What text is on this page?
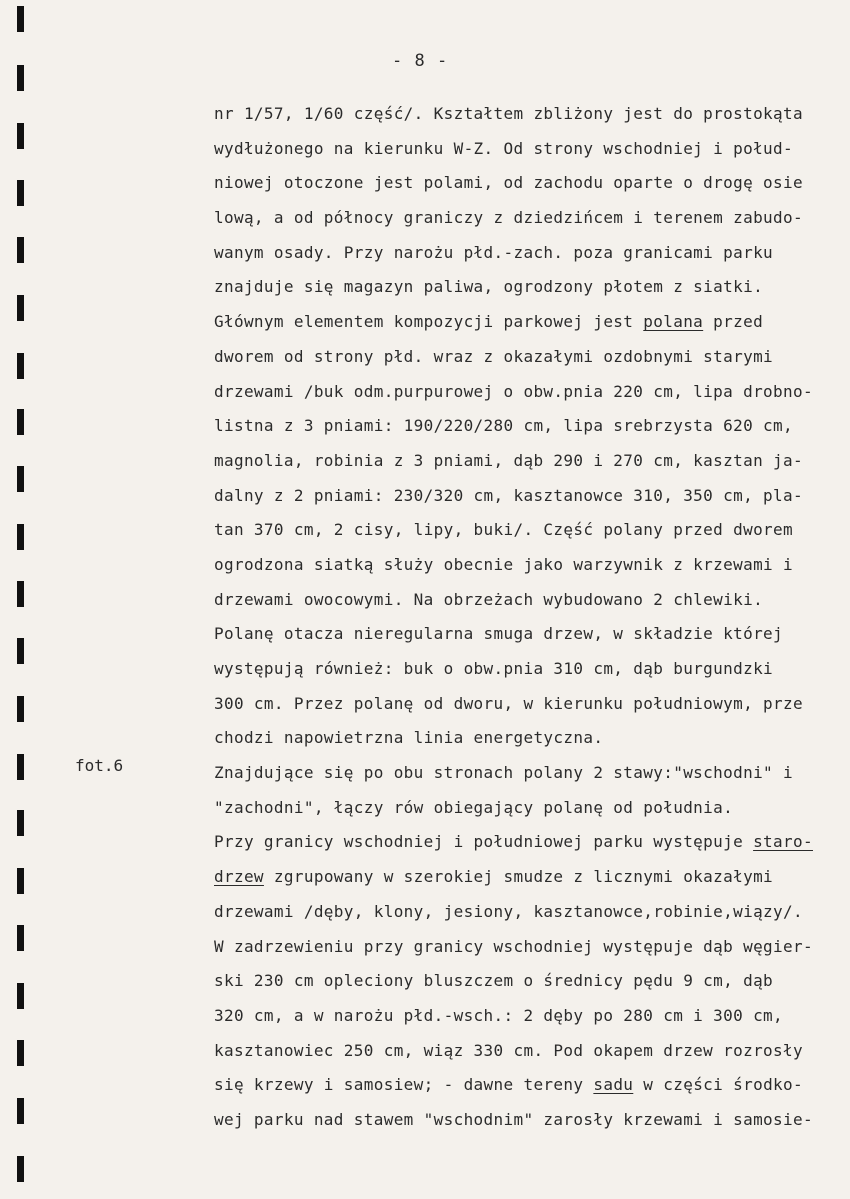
- 8 -
fot.6
nr 1/57, 1/60 część/. Kształtem zbliżony jest do prostokąta
wydłużonego na kierunku W-Z. Od strony wschodniej i połud-
niowej otoczone jest polami, od zachodu oparte o drogę osie
lową, a od północy graniczy z dziedzińcem i terenem zabudo-
wanym osady. Przy narożu płd.-zach. poza granicami parku
znajduje się magazyn paliwa, ogrodzony płotem z siatki.
Głównym elementem kompozycji parkowej jest polana przed
dworem od strony płd. wraz z okazałymi ozdobnymi starymi
drzewami /buk odm.purpurowej o obw.pnia 220 cm, lipa drobno-
listna z 3 pniami: 190/220/280 cm, lipa srebrzysta 620 cm,
magnolia, robinia z 3 pniami, dąb 290 i 270 cm, kasztan ja-
dalny z 2 pniami: 230/320 cm, kasztanowce 310, 350 cm, pla-
tan 370 cm, 2 cisy, lipy, buki/. Część polany przed dworem
ogrodzona siatką służy obecnie jako warzywnik z krzewami i
drzewami owocowymi. Na obrzeżach wybudowano 2 chlewiki.
Polanę otacza nieregularna smuga drzew, w składzie której
występują również: buk o obw.pnia 310 cm, dąb burgundzki
300 cm. Przez polanę od dworu, w kierunku południowym, prze
chodzi napowietrzna linia energetyczna.
Znajdujące się po obu stronach polany 2 stawy:"wschodni" i
"zachodni", łączy rów obiegający polanę od południa.
Przy granicy wschodniej i południowej parku występuje staro-
drzew zgrupowany w szerokiej smudze z licznymi okazałymi
drzewami /dęby, klony, jesiony, kasztanowce,robinie,wiązy/.
W zadrzewieniu przy granicy wschodniej występuje dąb węgier-
ski 230 cm opleciony bluszczem o średnicy pędu 9 cm, dąb
320 cm, a w narożu płd.-wsch.: 2 dęby po 280 cm i 300 cm,
kasztanowiec 250 cm, wiąz 330 cm. Pod okapem drzew rozrosły
się krzewy i samosiew; - dawne tereny sadu w części środko-
wej parku nad stawem "wschodnim" zarosły krzewami i samosie-
